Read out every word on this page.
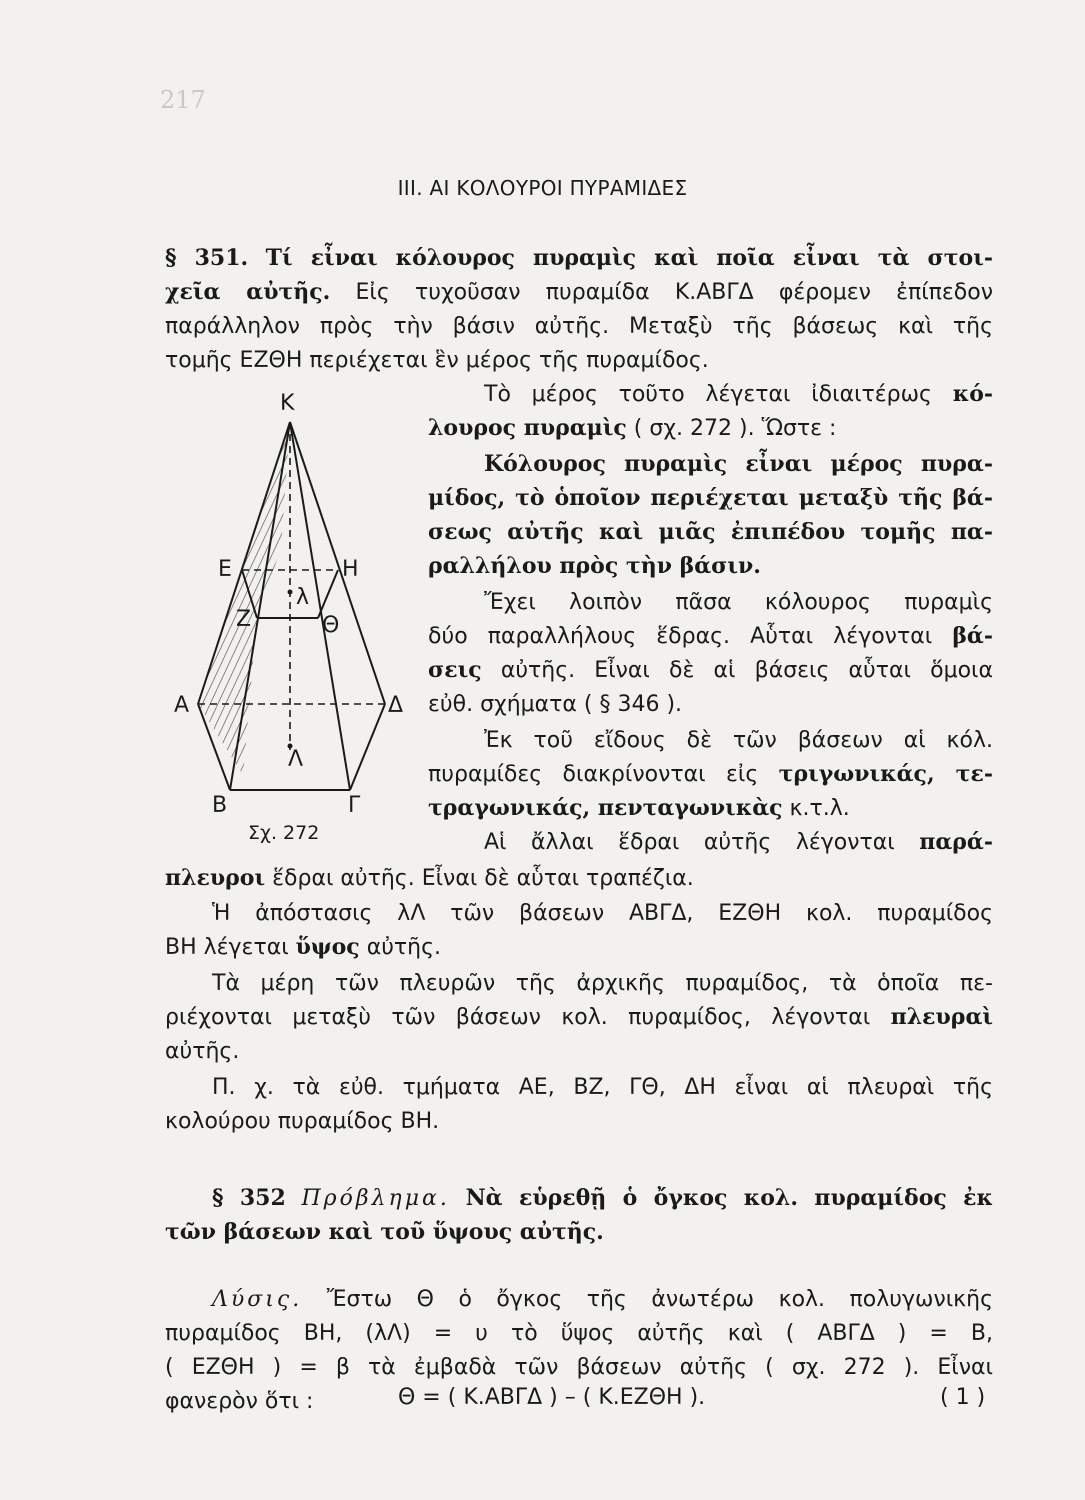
217
III. ΑΙ ΚΟΛΟΥΡΟΙ ΠΥΡΑΜΙΔΕΣ
§ 351. Τί εἶναι κόλουρος πυραμὶς καὶ ποῖα εἶναι τὰ στοι-
χεῖα αὐτῆς. Εἰς τυχοῦσαν πυραμίδα Κ.ΑΒΓΔ φέρομεν ἐπίπεδον
παράλληλον πρὸς τὴν βάσιν αὐτῆς. Μεταξὺ τῆς βάσεως καὶ τῆς
τομῆς ΕΖΘΗ περιέχεται ἓν μέρος τῆς πυραμίδος.
Τὸ μέρος τοῦτο λέγεται ἰδιαιτέρως κό-
λουρος πυραμὶς ( σχ. 272 ). Ὥστε :
Κόλουρος πυραμὶς εἶναι μέρος πυρα-
μίδος, τὸ ὁποῖον περιέχεται μεταξὺ τῆς βά-
σεως αὐτῆς καὶ μιᾶς ἐπιπέδου τομῆς πα-
ραλλήλου πρὸς τὴν βάσιν.
Ἔχει λοιπὸν πᾶσα κόλουρος πυραμὶς
δύο παραλλήλους ἕδρας. Αὗται λέγονται βά-
σεις αὐτῆς. Εἶναι δὲ αἱ βάσεις αὗται ὅμοια
εὐθ. σχήματα ( § 346 ).
Ἐκ τοῦ εἴδους δὲ τῶν βάσεων αἱ κόλ.
πυραμίδες διακρίνονται εἰς τριγωνικάς, τε-
τραγωνικάς, πενταγωνικὰς κ.τ.λ.
Αἱ ἄλλαι ἕδραι αὐτῆς λέγονται παρά-
πλευροι ἕδραι αὐτῆς. Εἶναι δὲ αὗται τραπέζια.
Ἡ ἀπόστασις λΛ τῶν βάσεων ΑΒΓΔ, ΕΖΘΗ κολ. πυραμίδος
ΒΗ λέγεται ὕψος αὐτῆς.
Τὰ μέρη τῶν πλευρῶν τῆς ἀρχικῆς πυραμίδος, τὰ ὁποῖα πε-
ριέχονται μεταξὺ τῶν βάσεων κολ. πυραμίδος, λέγονται πλευραὶ
αὐτῆς.
Π. χ. τὰ εὐθ. τμήματα ΑΕ, ΒΖ, ΓΘ, ΔΗ εἶναι αἱ πλευραὶ τῆς
κολούρου πυραμίδος ΒΗ.
§ 352 Πρόβλημα. Νὰ εὑρεθῇ ὁ ὄγκος κολ. πυραμίδος ἐκ
τῶν βάσεων καὶ τοῦ ὕψους αὐτῆς.
Λύσις. Ἔστω Θ ὁ ὄγκος τῆς ἀνωτέρω κολ. πολυγωνικῆς
πυραμίδος ΒΗ, (λΛ) = υ τὸ ὕψος αὐτῆς καὶ ( ΑΒΓΔ ) = Β,
( ΕΖΘΗ ) = β τὰ ἐμβαδὰ τῶν βάσεων αὐτῆς ( σχ. 272 ). Εἶναι
φανερὸν ὅτι :	Θ = ( Κ.ΑΒΓΔ ) – ( Κ.ΕΖΘΗ ).	( 1 )
Κ
Ε	Η
λ
Ζ	Θ
Α	Δ
Λ
Β	Γ
Σχ. 272
